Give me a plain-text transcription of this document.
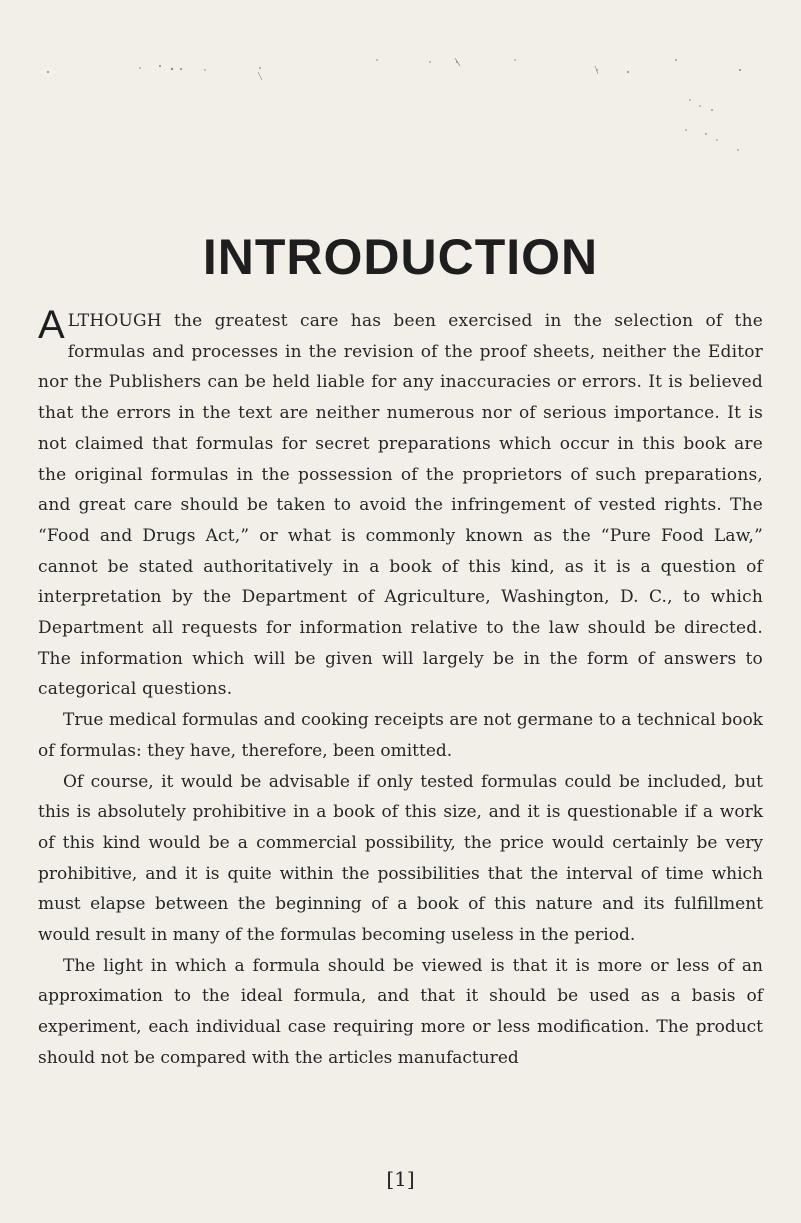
INTRODUCTION

ALTHOUGH the greatest care has been exercised in the selection of the formulas and processes in the revision of the proof sheets, neither the Editor nor the Publishers can be held liable for any inaccuracies or errors. It is believed that the errors in the text are neither numerous nor of serious importance. It is not claimed that formulas for secret preparations which occur in this book are the original formulas in the possession of the proprietors of such preparations, and great care should be taken to avoid the infringement of vested rights. The “Food and Drugs Act,” or what is commonly known as the “Pure Food Law,” cannot be stated authoritatively in a book of this kind, as it is a question of interpretation by the Department of Agriculture, Washington, D. C., to which Department all requests for information relative to the law should be directed. The information which will be given will largely be in the form of answers to categorical questions.

True medical formulas and cooking receipts are not germane to a technical book of formulas: they have, therefore, been omitted.

Of course, it would be advisable if only tested formulas could be included, but this is absolutely prohibitive in a book of this size, and it is questionable if a work of this kind would be a commercial possibility, the price would certainly be very prohibitive, and it is quite within the possibilities that the interval of time which must elapse between the beginning of a book of this nature and its fulfillment would result in many of the formulas becoming useless in the period.

The light in which a formula should be viewed is that it is more or less of an approximation to the ideal formula, and that it should be used as a basis of experiment, each individual case requiring more or less modification. The product should not be compared with the articles manufactured

[1]
